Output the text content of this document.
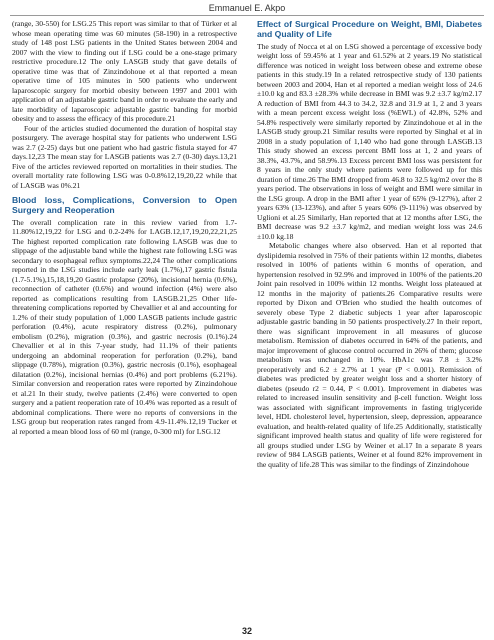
Emmanuel E. Akpo

(range, 30-550) for LSG.25 This report was similar to that of Türker et al whose mean operating time was 60 minutes (58-190) in a retrospective study of 148 post LSG patients in the United States between 2004 and 2007 with the view to finding out if LSG could be a one-stage primary restrictive procedure.12 The only LASGB study that gave details of operative time was that of Zinzindohoue et al that reported a mean operative time of 105 minutes in 500 patients who underwent laparoscopic surgery for morbid obesity between 1997 and 2001 with application of an adjustable gastric band in order to evaluate the early and late morbidity of laparoscopic adjustable gastric banding for morbid obesity and to assess the efficacy of this procedure.21

Four of the articles studied documented the duration of hospital stay postsurgery. The average hospital stay for patients who underwent LSG was 2.7 (2-25) days but one patient who had gastric fistula stayed for 47 days.12,23 The mean stay for LASGB patients was 2.7 (0-30) days.13,21 Five of the articles reviewed reported on mortalities in their studies. The overall mortality rate following LSG was 0-0.8%12,19,20,22 while that of LASGB was 0%.21

Blood loss, Complications, Conversion to Open Surgery and Reoperation

The overall complication rate in this review varied from 1.7-11.80%12,19,22 for LSG and 0.2-24% for LAGB.12,17,19,20,22,21,25 The highest reported complication rate following LASGB was due to slippage of the adjustable band while the highest rate following LSG was secondary to esophageal reflux symptoms.22,24 The other complications reported in the LSG studies include early leak (1.7%),17 gastric fistula (1.7-5.1%),15,18,19,20 Gastric prolapse (20%), incisional hernia (0.6%), reconnection of catheter (0.6%) and wound infection (4%) were also reported as complications resulting from LASGB.21,25 Other life-threatening complications reported by Chevallier et al and accounting for 1.2% of their study population of 1,000 LASGB patients include gastric perforation (0.4%), acute respiratory distress (0.2%), pulmonary embolism (0.2%), migration (0.3%), and gastric necrosis (0.1%).24 Chevallier et al in this 7-year study, had 11.1% of their patients undergoing an abdominal reoperation for perforation (0.2%), band slippage (0.78%), migration (0.3%), gastric necrosis (0.1%), esophageal dilatation (0.2%), incisional hernias (0.4%) and port problems (6.21%). Similar conversion and reoperation rates were reported by Zinzindohoue et al.21 In their study, twelve patients (2.4%) were converted to open surgery and a patient reoperation rate of 10.4% was reported as a result of abdominal complications. There were no reports of conversions in the LSG group but reoperation rates ranged from 4.9-11.4%.12,19 Tucker et al reported a mean blood loss of 60 ml (range, 0-300 ml) for LSG.12

Effect of Surgical Procedure on Weight, BMI, Diabetes and Quality of Life

The study of Nocca et al on LSG showed a percentage of excessive body weight loss of 59.45% at 1 year and 61.52% at 2 years.19 No statistical difference was noticed in weight loss between obese and extreme obese patients in this study.19 In a related retrospective study of 130 patients between 2003 and 2004, Han et al reported a median weight loss of 24.6 ±10.0 kg and 83.3 ±28.3% while decrease in BMI was 9.2 ±3.7 kg/m2.17 A reduction of BMI from 44.3 to 34.2, 32.8 and 31.9 at 1, 2 and 3 years with a mean percent excess weight loss (%EWL) of 42.8%, 52% and 54.8% respectively were similarly reported by Zinzindohoue et al in the LASGB study group.21 Similar results were reported by Singhal et al in 2008 in a study population of 1,140 who had gone through LASGB.13 This study showed an excess percent BMI loss at 1, 2 and years of 38.3%, 43.7%, and 58.9%.13 Excess percent BMI loss was persistent for 8 years in the only study where patients were followed up for this duration of time.26 The BMI dropped from 46.8 to 32.5 kg/m2 over the 8 years period. The observations in loss of weight and BMI were similar in the LSG group. A drop in the BMI after 1 year of 65% (9-127%), after 2 years 63% (13-123%), and after 5 years 60% (9-111%) was observed by Uglioni et al.25 Similarly, Han reported that at 12 months after LSG, the BMI decrease was 9.2 ±3.7 kg/m2, and median weight loss was 24.6 ±10.0 kg.18

Metabolic changes where also observed. Han et al reported that dyslipidemia resolved in 75% of their patients within 12 months, diabetes resolved in 100% of patients within 6 months of operation, and hypertension resolved in 92.9% and improved in 100% of the patients.20 Joint pain resolved in 100% within 12 months. Weight loss plateaued at 12 months in the majority of patients.26 Comparative results were reported by Dixon and O'Brien who studied the health outcomes of severely obese Type 2 diabetic subjects 1 year after laparoscopic adjustable gastric banding in 50 patients prospectively.27 In their report, there was significant improvement in all measures of glucose metabolism. Remission of diabetes occurred in 64% of the patients, and major improvement of glucose control occurred in 26% of them; glucose metabolism was unchanged in 10%. HbA1c was 7.8 ± 3.2% preoperatively and 6.2 ± 2.7% at 1 year (P < 0.001). Remission of diabetes was predicted by greater weight loss and a shorter history of diabetes (pseudo r2 = 0.44, P < 0.001). Improvement in diabetes was related to increased insulin sensitivity and β-cell function. Weight loss was associated with significant improvements in fasting triglyceride level, HDL cholesterol level, hypertension, sleep, depression, appearance evaluation, and health-related quality of life.25 Additionally, statistically significant improved health status and quality of life were registered for all groups studied under LSG by Weiner et al.17 In a separate 8 years review of 984 LASGB patients, Weiner et al found 82% improvement in the quality of life.28 This was similar to the findings of Zinzindohoue

32
